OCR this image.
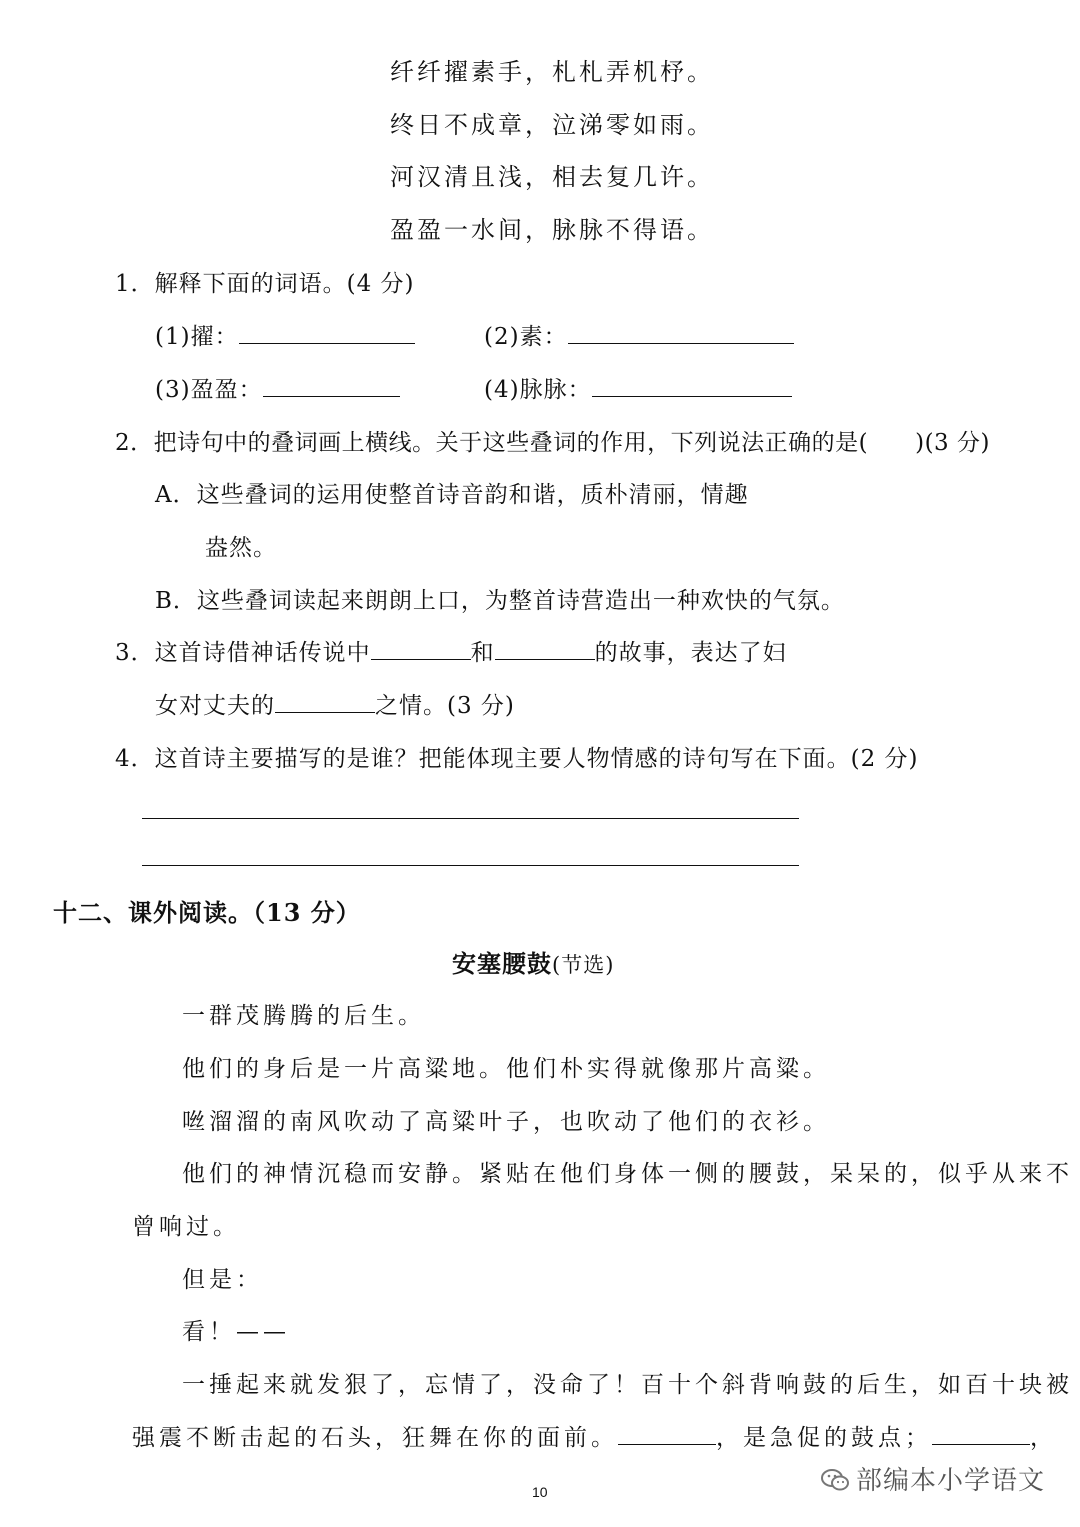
纤纤擢素手，札札弄机杼。
终日不成章，泣涕零如雨。
河汉清且浅，相去复几许。
盈盈一水间，脉脉不得语。
1．解释下面的词语。(4 分)
(1)擢：	(2)素：
(3)盈盈：	(4)脉脉：
2．把诗句中的叠词画上横线。关于这些叠词的作用，下列说法正确的是(　　)(3 分)
A．这些叠词的运用使整首诗音韵和谐，质朴清丽，情趣
盎然。
B．这些叠词读起来朗朗上口，为整首诗营造出一种欢快的气氛。
3．这首诗借神话传说中	和	的故事，表达了妇
女对丈夫的	之情。(3 分)
4．这首诗主要描写的是谁？把能体现主要人物情感的诗句写在下面。(2 分)
十二、课外阅读。（13 分）
安塞腰鼓(节选)
一群茂腾腾的后生。
他们的身后是一片高粱地。他们朴实得就像那片高粱。
咝溜溜的南风吹动了高粱叶子，也吹动了他们的衣衫。
他们的神情沉稳而安静。紧贴在他们身体一侧的腰鼓，呆呆的，似乎从来不
曾响过。
但是：
看！——
一捶起来就发狠了，忘情了，没命了！百十个斜背响鼓的后生，如百十块被
强震不断击起的石头，狂舞在你的面前。	，是急促的鼓点；	，
10	部编本小学语文
